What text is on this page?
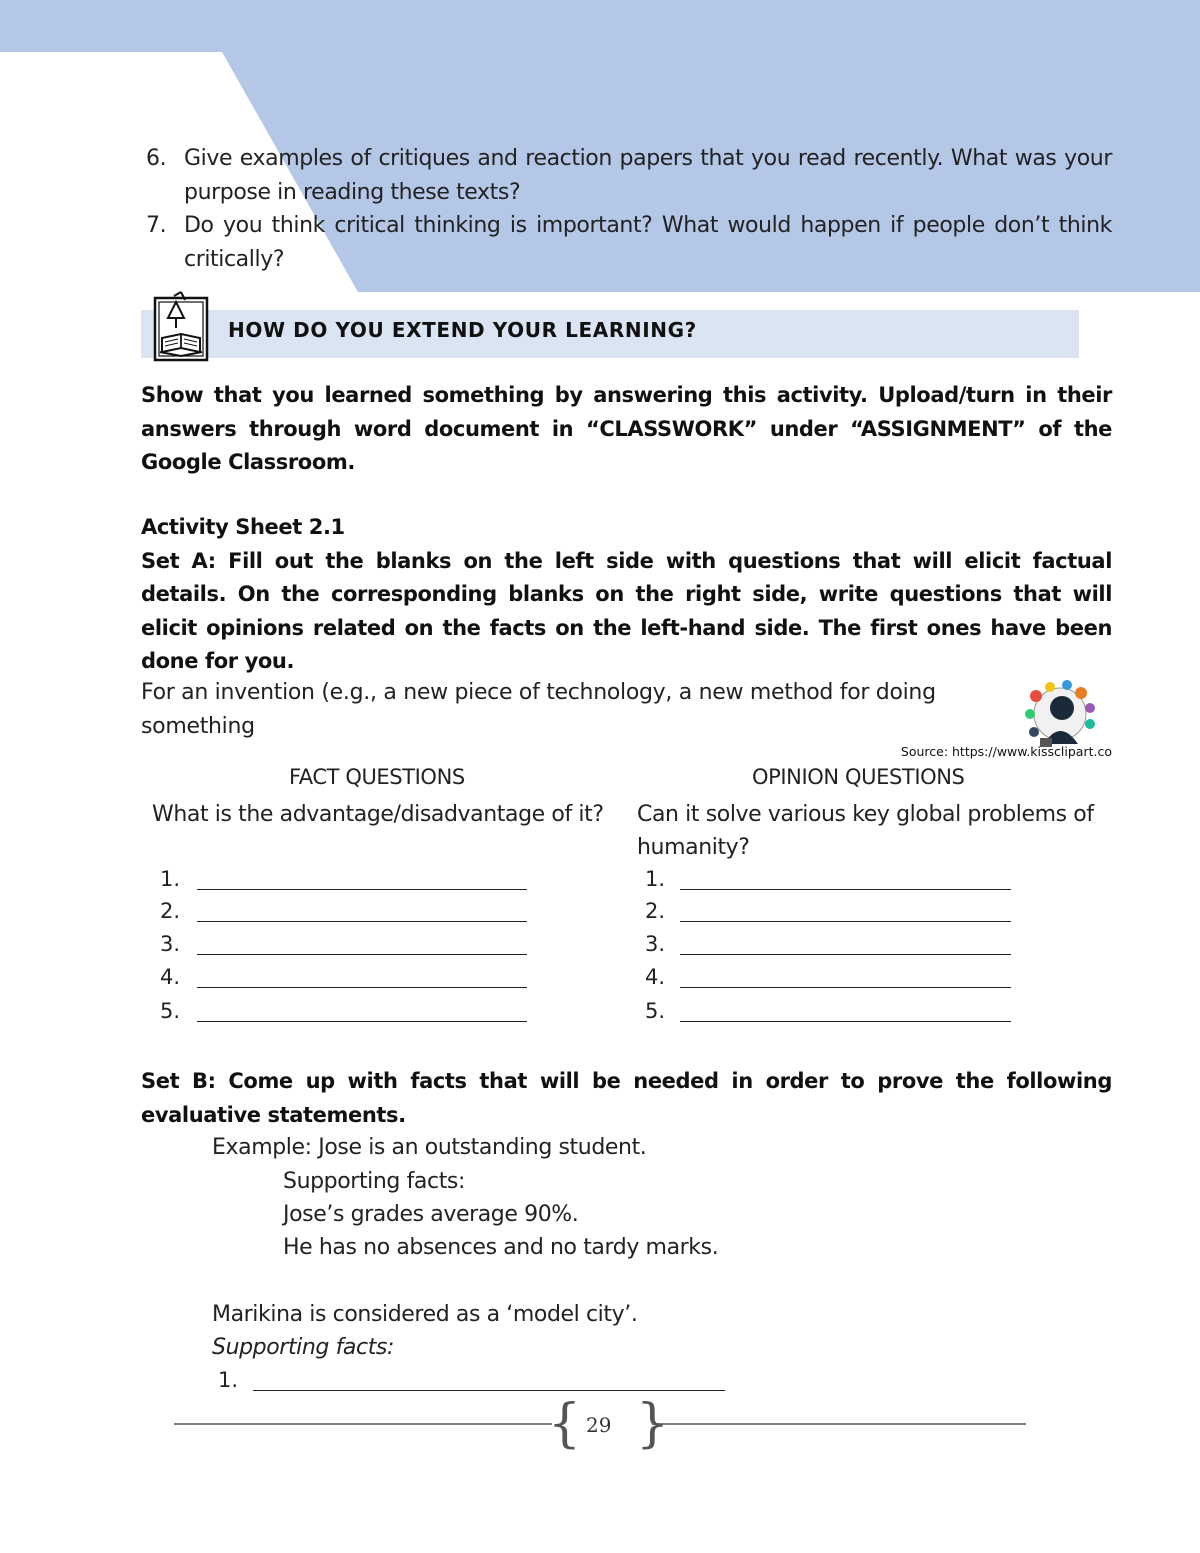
6. Give examples of critiques and reaction papers that you read recently. What was your purpose in reading these texts?
7. Do you think critical thinking is important? What would happen if people don’t think critically?
HOW DO YOU EXTEND YOUR LEARNING?
Show that you learned something by answering this activity. Upload/turn in their answers through word document in “CLASSWORK” under “ASSIGNMENT” of the Google Classroom.
Activity Sheet 2.1
Set A: Fill out the blanks on the left side with questions that will elicit factual details. On the corresponding blanks on the right side, write questions that will elicit opinions related on the facts on the left-hand side. The first ones have been done for you.
For an invention (e.g., a new piece of technology, a new method for doing something
Source: https://www.kissclipart.co
FACT QUESTIONS	OPINION QUESTIONS
What is the advantage/disadvantage of it?	Can it solve various key global problems of humanity?
1.
2.
3.
4.
5.
1.
2.
3.
4.
5.
Set B: Come up with facts that will be needed in order to prove the following evaluative statements.
Example: Jose is an outstanding student.
Supporting facts:
Jose’s grades average 90%.
He has no absences and no tardy marks.
Marikina is considered as a ‘model city’.
Supporting facts:
1.
{ }
29
